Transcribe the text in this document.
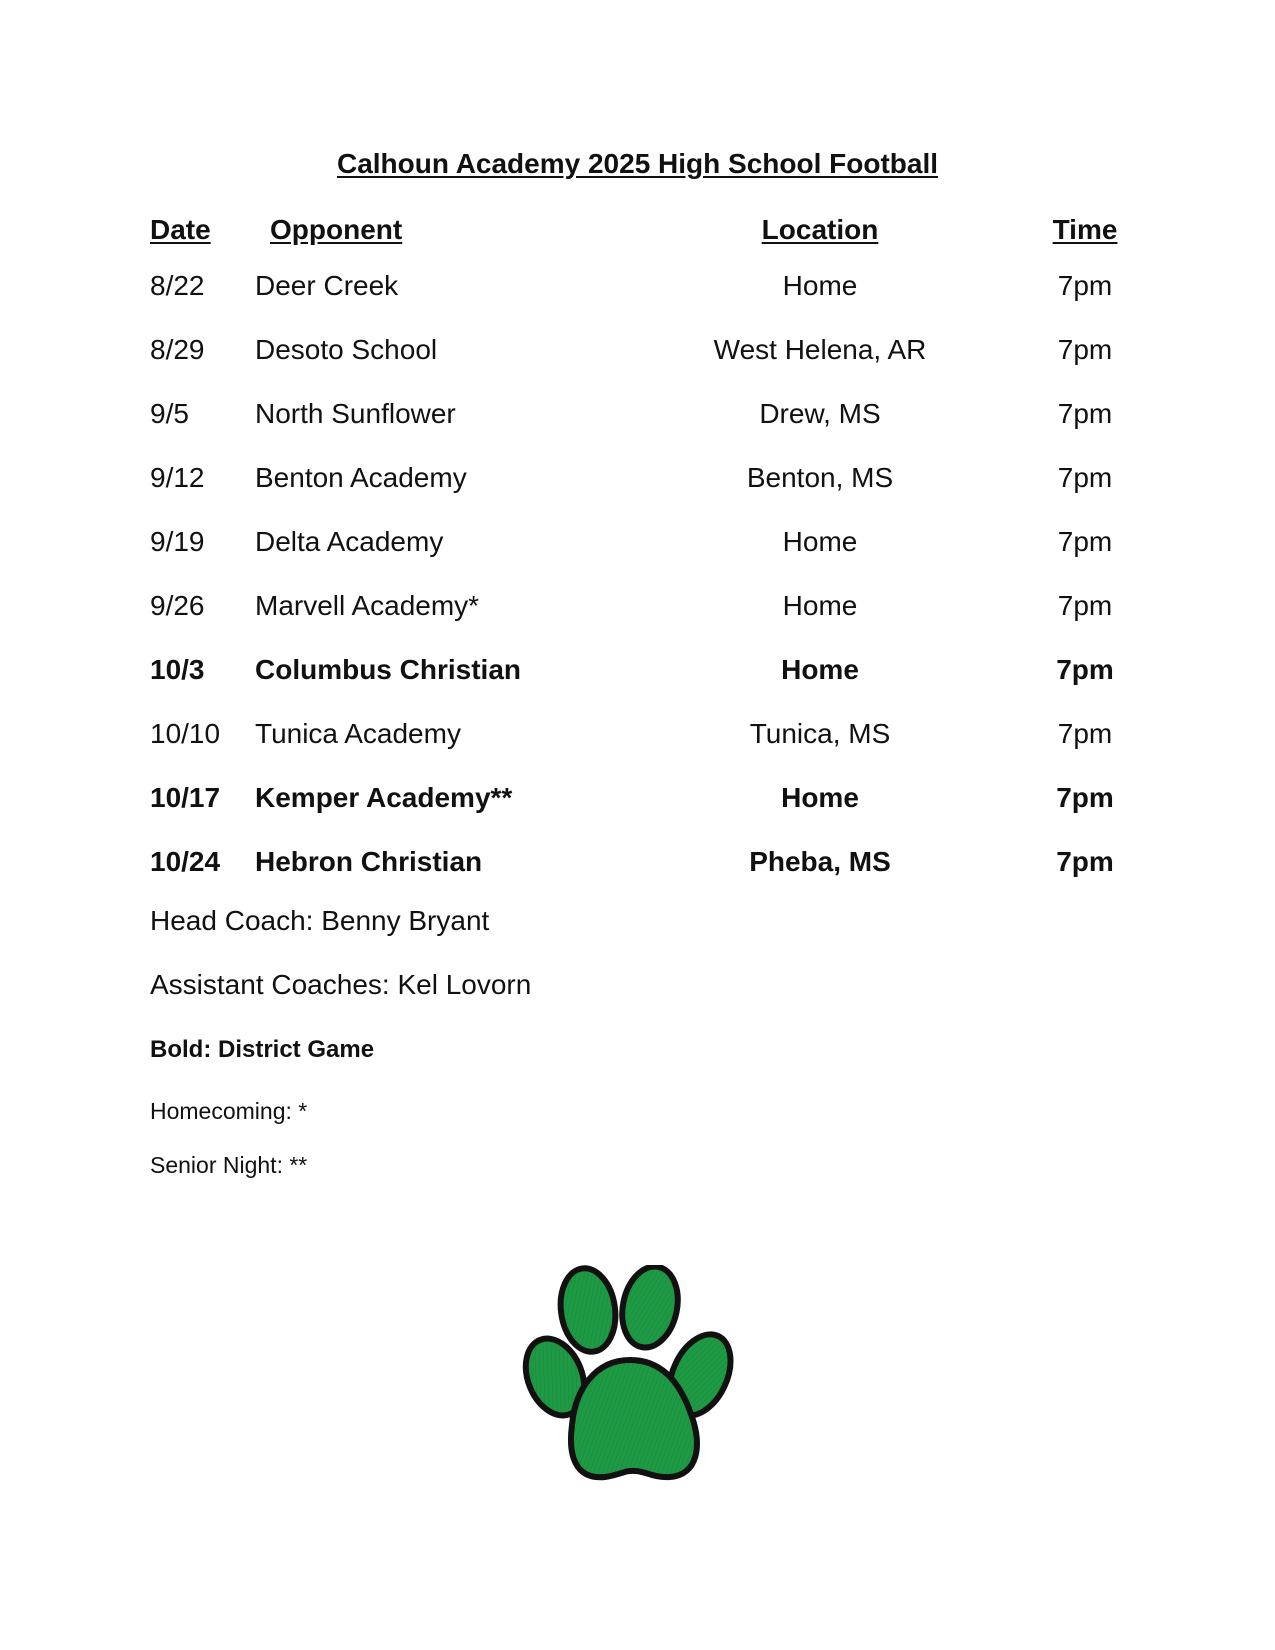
Calhoun Academy 2025 High School Football
Date Opponent	Location	Time
8/22 Deer Creek	Home	7pm
8/29 Desoto School	West Helena, AR	7pm
9/5 North Sunflower	Drew, MS	7pm
9/12 Benton Academy	Benton, MS	7pm
9/19 Delta Academy	Home	7pm
9/26 Marvell Academy*	Home	7pm
10/3 Columbus Christian	Home	7pm
10/10 Tunica Academy	Tunica, MS	7pm
10/17 Kemper Academy**	Home	7pm
10/24 Hebron Christian	Pheba, MS	7pm
Head Coach: Benny Bryant
Assistant Coaches: Kel Lovorn
Bold: District Game
Homecoming: *
Senior Night: **
